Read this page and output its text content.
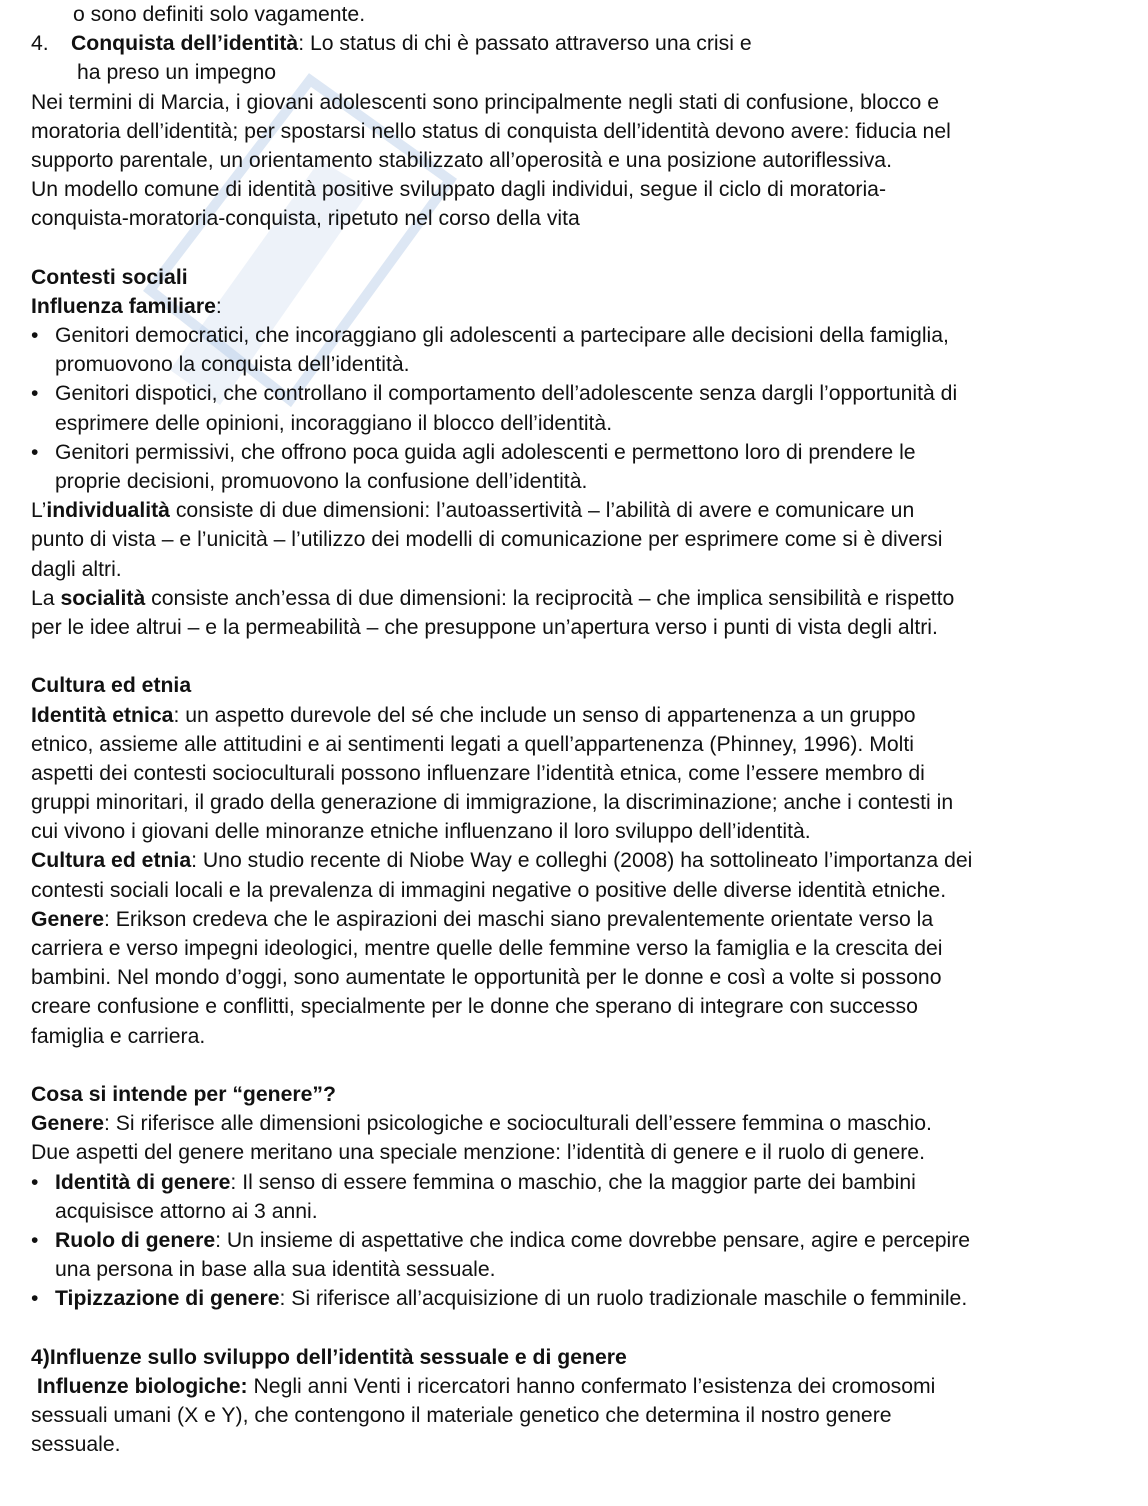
o sono definiti solo vagamente.
4. Conquista dell’identità: Lo status di chi è passato attraverso una crisi e
ha preso un impegno
Nei termini di Marcia, i giovani adolescenti sono principalmente negli stati di confusione, blocco e
moratoria dell’identità; per spostarsi nello status di conquista dell’identità devono avere: fiducia nel
supporto parentale, un orientamento stabilizzato all’operosità e una posizione autoriflessiva.
Un modello comune di identità positive sviluppato dagli individui, segue il ciclo di moratoria-
conquista-moratoria-conquista, ripetuto nel corso della vita
Contesti sociali
Influenza familiare:
• Genitori democratici, che incoraggiano gli adolescenti a partecipare alle decisioni della famiglia,
promuovono la conquista dell’identità.
• Genitori dispotici, che controllano il comportamento dell’adolescente senza dargli l’opportunità di
esprimere delle opinioni, incoraggiano il blocco dell’identità.
• Genitori permissivi, che offrono poca guida agli adolescenti e permettono loro di prendere le
proprie decisioni, promuovono la confusione dell’identità.
L’individualità consiste di due dimensioni: l’autoassertività – l’abilità di avere e comunicare un
punto di vista – e l’unicità – l’utilizzo dei modelli di comunicazione per esprimere come si è diversi
dagli altri.
La socialità consiste anch’essa di due dimensioni: la reciprocità – che implica sensibilità e rispetto
per le idee altrui – e la permeabilità – che presuppone un’apertura verso i punti di vista degli altri.
Cultura ed etnia
Identità etnica: un aspetto durevole del sé che include un senso di appartenenza a un gruppo
etnico, assieme alle attitudini e ai sentimenti legati a quell’appartenenza (Phinney, 1996). Molti
aspetti dei contesti socioculturali possono influenzare l’identità etnica, come l’essere membro di
gruppi minoritari, il grado della generazione di immigrazione, la discriminazione; anche i contesti in
cui vivono i giovani delle minoranze etniche influenzano il loro sviluppo dell’identità.
Cultura ed etnia: Uno studio recente di Niobe Way e colleghi (2008) ha sottolineato l’importanza dei
contesti sociali locali e la prevalenza di immagini negative o positive delle diverse identità etniche.
Genere: Erikson credeva che le aspirazioni dei maschi siano prevalentemente orientate verso la
carriera e verso impegni ideologici, mentre quelle delle femmine verso la famiglia e la crescita dei
bambini. Nel mondo d’oggi, sono aumentate le opportunità per le donne e così a volte si possono
creare confusione e conflitti, specialmente per le donne che sperano di integrare con successo
famiglia e carriera.
Cosa si intende per “genere”?
Genere: Si riferisce alle dimensioni psicologiche e socioculturali dell’essere femmina o maschio.
Due aspetti del genere meritano una speciale menzione: l’identità di genere e il ruolo di genere.
• Identità di genere: Il senso di essere femmina o maschio, che la maggior parte dei bambini
acquisisce attorno ai 3 anni.
• Ruolo di genere: Un insieme di aspettative che indica come dovrebbe pensare, agire e percepire
una persona in base alla sua identità sessuale.
• Tipizzazione di genere: Si riferisce all’acquisizione di un ruolo tradizionale maschile o femminile.
4)Influenze sullo sviluppo dell’identità sessuale e di genere
Influenze biologiche: Negli anni Venti i ricercatori hanno confermato l’esistenza dei cromosomi
sessuali umani (X e Y), che contengono il materiale genetico che determina il nostro genere
sessuale.
